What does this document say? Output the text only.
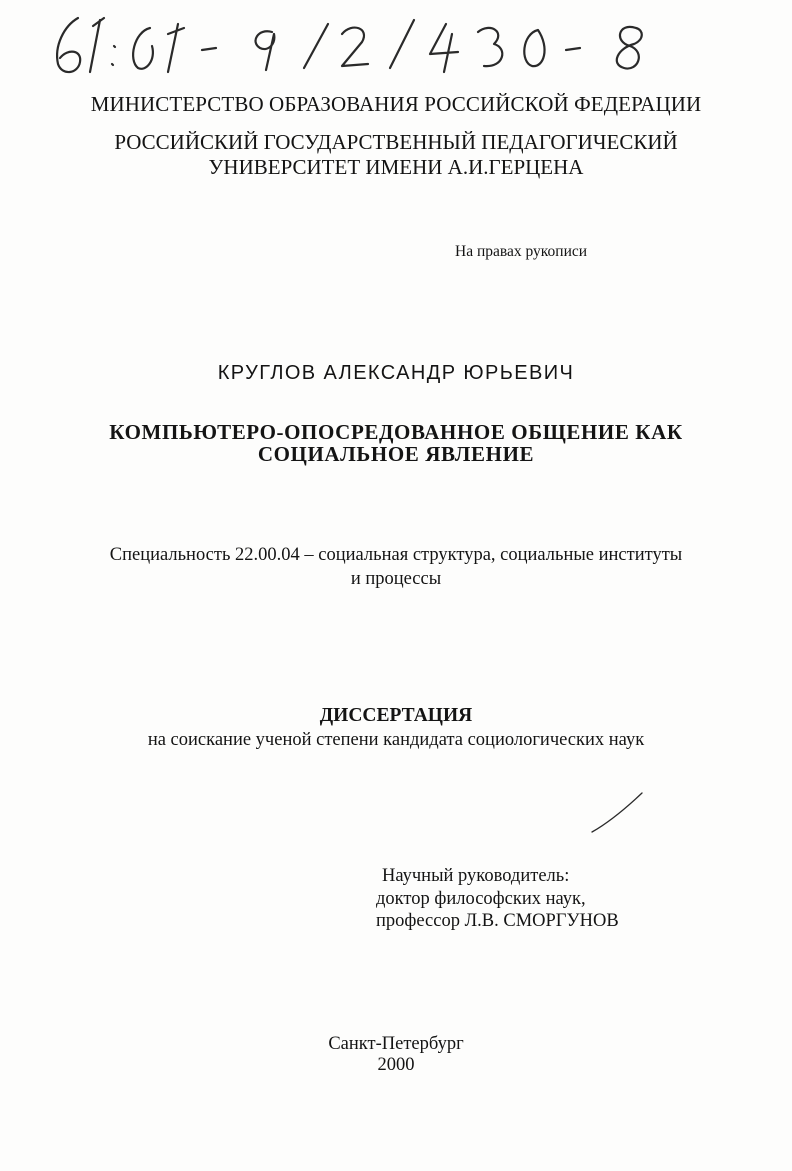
МИНИСТЕРСТВО ОБРАЗОВАНИЯ РОССИЙСКОЙ ФЕДЕРАЦИИ
РОССИЙСКИЙ ГОСУДАРСТВЕННЫЙ ПЕДАГОГИЧЕСКИЙ
УНИВЕРСИТЕТ ИМЕНИ А.И.ГЕРЦЕНА
На правах рукописи
КРУГЛОВ АЛЕКСАНДР ЮРЬЕВИЧ
КОМПЬЮТЕРО-ОПОСРЕДОВАННОЕ ОБЩЕНИЕ КАК
СОЦИАЛЬНОЕ ЯВЛЕНИЕ
Специальность 22.00.04 – социальная структура, социальные институты
и процессы
ДИССЕРТАЦИЯ
на соискание ученой степени кандидата социологических наук
Научный руководитель:
доктор философских наук,
профессор Л.В. СМОРГУНОВ
Санкт-Петербург
2000
